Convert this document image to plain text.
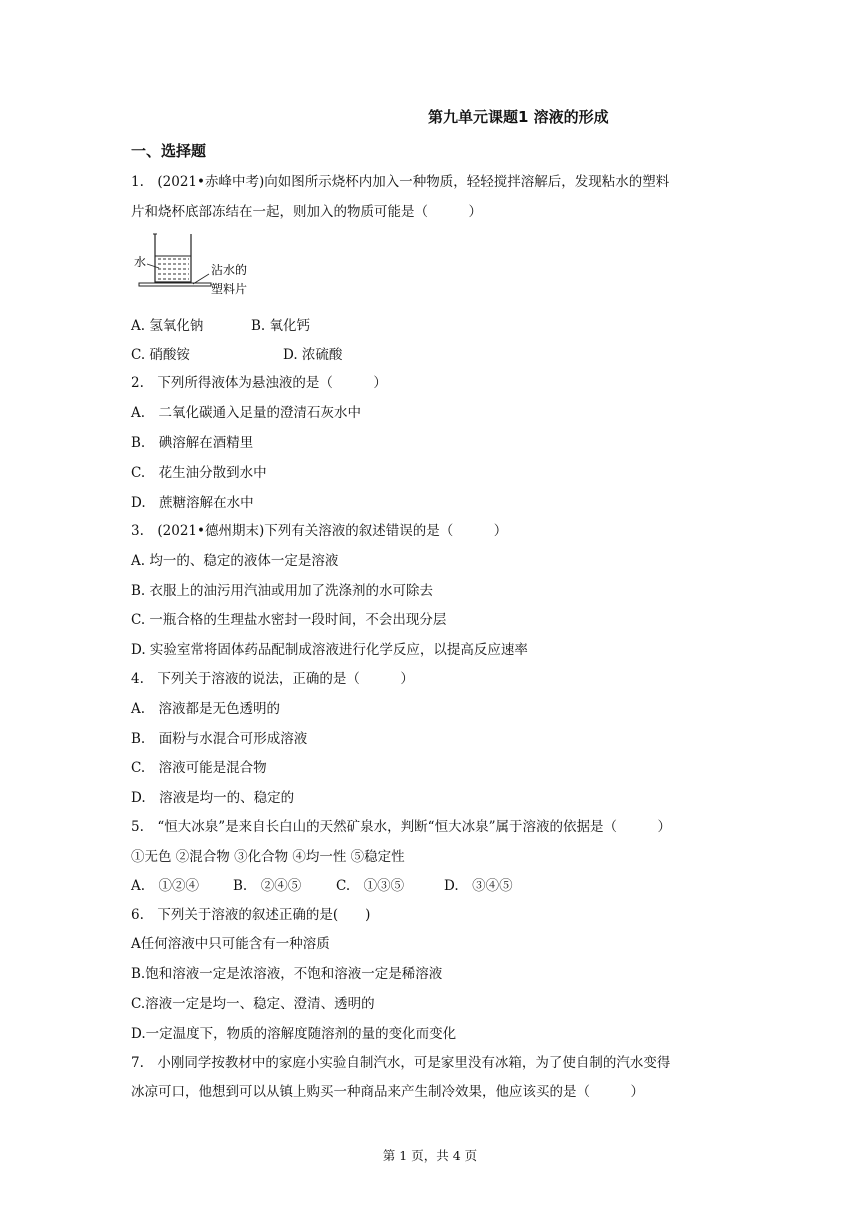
第九单元课题1 溶液的形成
一、选择题
1.　(2021•赤峰中考)向如图所示烧杯内加入一种物质，轻轻搅拌溶解后，发现粘水的塑料
片和烧杯底部冻结在一起，则加入的物质可能是（　　　）
水
沾水的
塑料片
A. 氢氧化钠	B. 氧化钙
C. 硝酸铵	D. 浓硫酸
2.　下列所得液体为悬浊液的是（　　　）
A.　二氧化碳通入足量的澄清石灰水中
B.　碘溶解在酒精里
C.　花生油分散到水中
D.　蔗糖溶解在水中
3.　(2021•德州期末)下列有关溶液的叙述错误的是（　　　）
A. 均一的、稳定的液体一定是溶液
B. 衣服上的油污用汽油或用加了洗涤剂的水可除去
C. 一瓶合格的生理盐水密封一段时间，不会出现分层
D. 实验室常将固体药品配制成溶液进行化学反应，以提高反应速率
4.　下列关于溶液的说法，正确的是（　　　）
A.　溶液都是无色透明的
B.　面粉与水混合可形成溶液
C.　溶液可能是混合物
D.　溶液是均一的、稳定的
5.　“恒大冰泉”是来自长白山的天然矿泉水，判断“恒大冰泉”属于溶液的依据是（　　　）
①无色 ②混合物 ③化合物 ④均一性 ⑤稳定性
A.　①②④	B.　②④⑤	C.　①③⑤	D.　③④⑤
6.　下列关于溶液的叙述正确的是(　　)
A任何溶液中只可能含有一种溶质
B.饱和溶液一定是浓溶液，不饱和溶液一定是稀溶液
C.溶液一定是均一、稳定、澄清、透明的
D.一定温度下，物质的溶解度随溶剂的量的变化而变化
7.　小刚同学按教材中的家庭小实验自制汽水，可是家里没有冰箱，为了使自制的汽水变得
冰凉可口，他想到可以从镇上购买一种商品来产生制冷效果，他应该买的是（　　　）
第 1 页，共 4 页
